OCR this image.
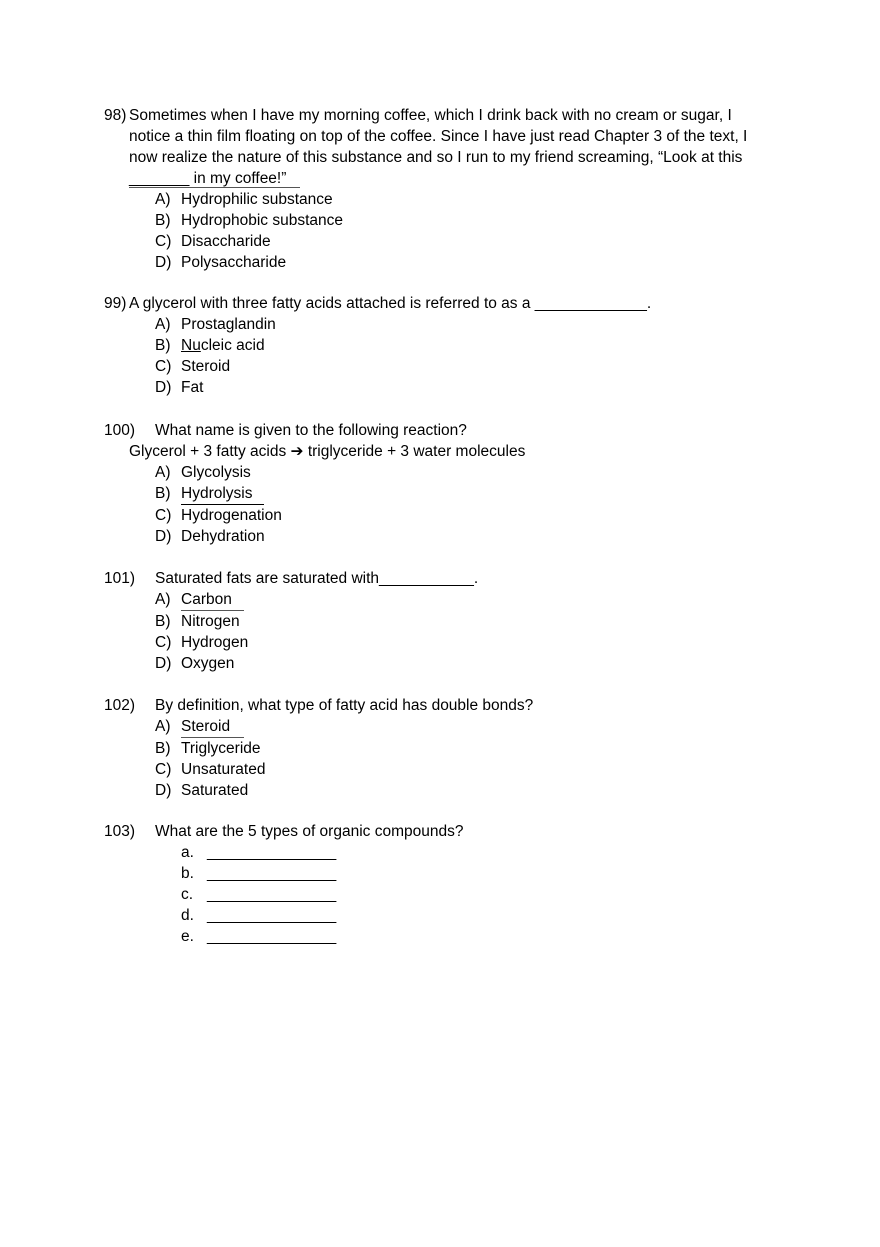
98) Sometimes when I have my morning coffee, which I drink back with no cream or sugar, I
notice a thin film floating on top of the coffee. Since I have just read Chapter 3 of the text, I
now realize the nature of this substance and so I run to my friend screaming, “Look at this
_______ in my coffee!”
A) Hydrophilic substance
B) Hydrophobic substance
C) Disaccharide
D) Polysaccharide
99) A glycerol with three fatty acids attached is referred to as a _____________.
A) Prostaglandin
B) Nu cleic acid
C) Steroid
D) Fat
100)	What name is given to the following reaction?
Glycerol + 3 fatty acids ➔ triglyceride + 3 water molecules
A) Glycolysis
B) Hydrolysis
C) Hydrogenation
D) Dehydration
101)	Saturated fats are saturated with___________.
A) Carbon
B) Nitrogen
C) Hydrogen
D) Oxygen
102)	By definition, what type of fatty acid has double bonds?
A) Steroid
B) Triglyceride
C) Unsaturated
D) Saturated
103)	What are the 5 types of organic compounds?
a. _______________
b. _______________
c. _______________
d. _______________
e. _______________
